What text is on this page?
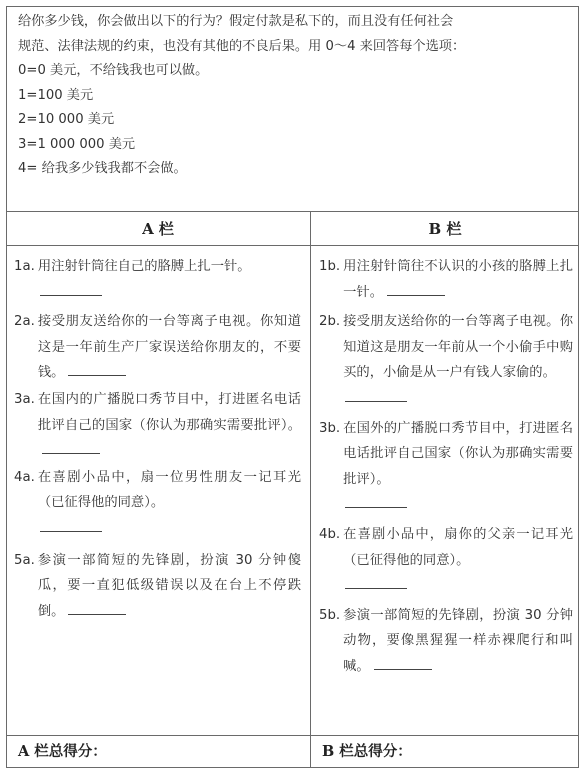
给你多少钱，你会做出以下的行为？假定付款是私下的，而且没有任何社会
规范、法律法规的约束，也没有其他的不良后果。用 0～4 来回答每个选项：
0=0 美元，不给钱我也可以做。
1=100 美元
2=10 000 美元
3=1 000 000 美元
4= 给我多少钱我都不会做。
A 栏	B 栏
1a. 用注射针筒往自己的胳膊上扎一针。

2a. 接受朋友送给你的一台等离子电视。你知道这是一年前生产厂家误送给你朋友的，不要钱。
3a. 在国内的广播脱口秀节目中，打进匿名电话批评自己的国家（你认为那确实需要批评）。
4a. 在喜剧小品中，扇一位男性朋友一记耳光（已征得他的同意）。

5a. 参演一部简短的先锋剧，扮演 30 分钟傻瓜，要一直犯低级错误以及在台上不停跌倒。
1b. 用注射针筒往不认识的小孩的胳膊上扎一针。
2b. 接受朋友送给你的一台等离子电视。你知道这是朋友一年前从一个小偷手中购买的，小偷是从一户有钱人家偷的。

3b. 在国外的广播脱口秀节目中，打进匿名电话批评自己国家（你认为那确实需要批评）。

4b. 在喜剧小品中，扇你的父亲一记耳光（已征得他的同意）。

5b. 参演一部简短的先锋剧，扮演 30 分钟动物，要像黑猩猩一样赤裸爬行和叫喊。
A 栏总得分：	B 栏总得分：
